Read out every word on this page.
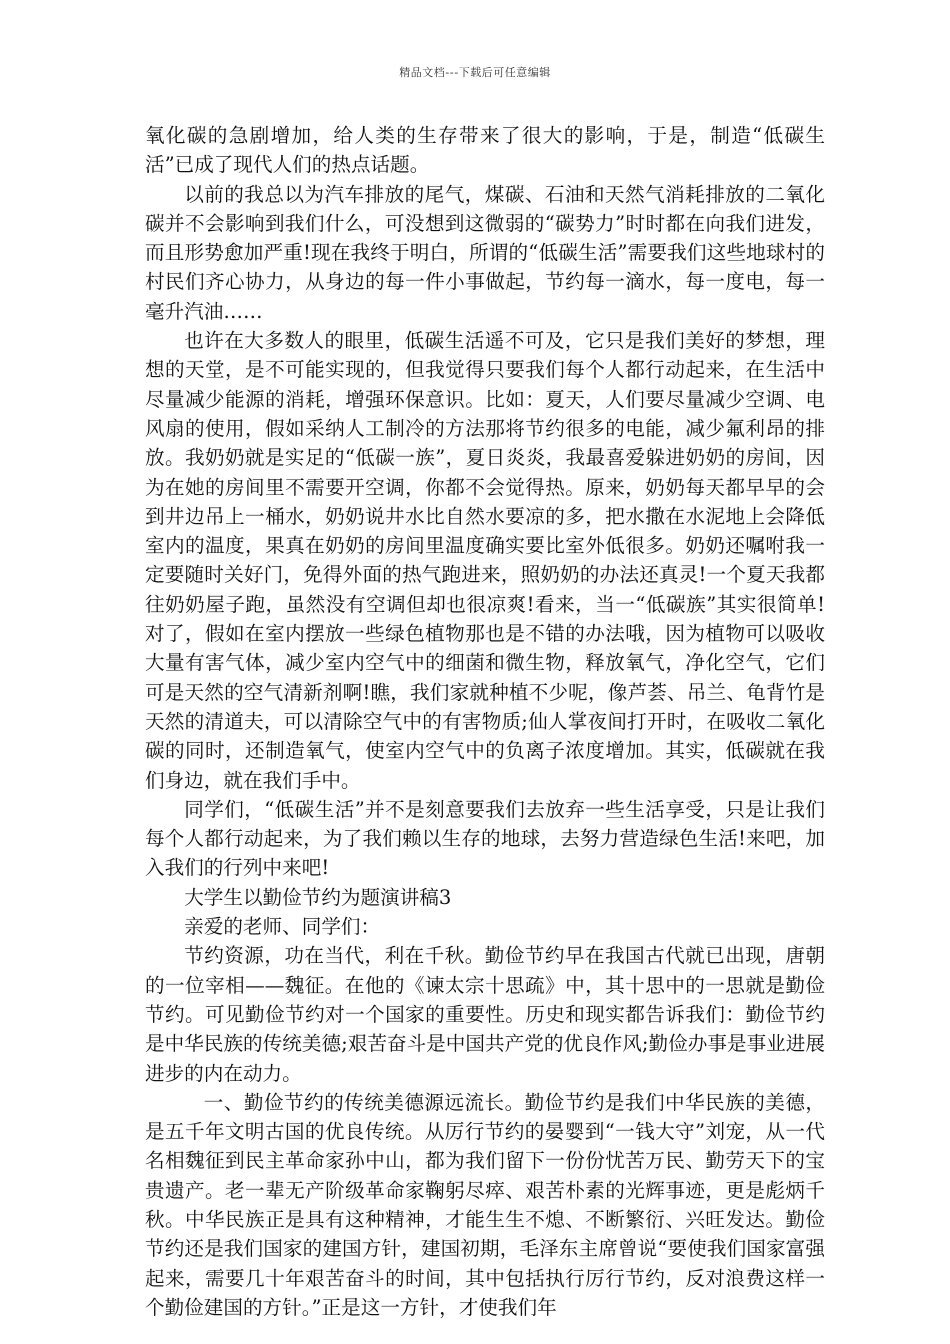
精品文档---下载后可任意编辑

氧化碳的急剧增加，给人类的生存带来了很大的影响，于是，制造“低碳生活”已成了现代人们的热点话题。

以前的我总以为汽车排放的尾气，煤碳、石油和天然气消耗排放的二氧化碳并不会影响到我们什么，可没想到这微弱的“碳势力”时时都在向我们进发，而且形势愈加严重!现在我终于明白，所谓的“低碳生活”需要我们这些地球村的村民们齐心协力，从身边的每一件小事做起，节约每一滴水，每一度电，每一毫升汽油……

也许在大多数人的眼里，低碳生活遥不可及，它只是我们美好的梦想，理想的天堂，是不可能实现的，但我觉得只要我们每个人都行动起来，在生活中尽量减少能源的消耗，增强环保意识。比如：夏天，人们要尽量减少空调、电风扇的使用，假如采纳人工制冷的方法那将节约很多的电能，减少氟利昂的排放。我奶奶就是实足的“低碳一族”，夏日炎炎，我最喜爱躲进奶奶的房间，因为在她的房间里不需要开空调，你都不会觉得热。原来，奶奶每天都早早的会到井边吊上一桶水，奶奶说井水比自然水要凉的多，把水撒在水泥地上会降低室内的温度，果真在奶奶的房间里温度确实要比室外低很多。奶奶还嘱咐我一定要随时关好门，免得外面的热气跑进来，照奶奶的办法还真灵!一个夏天我都往奶奶屋子跑，虽然没有空调但却也很凉爽!看来，当一“低碳族”其实很简单!对了，假如在室内摆放一些绿色植物那也是不错的办法哦，因为植物可以吸收大量有害气体，减少室内空气中的细菌和微生物，释放氧气，净化空气，它们可是天然的空气清新剂啊!瞧，我们家就种植不少呢，像芦荟、吊兰、龟背竹是天然的清道夫，可以清除空气中的有害物质;仙人掌夜间打开时，在吸收二氧化碳的同时，还制造氧气，使室内空气中的负离子浓度增加。其实，低碳就在我们身边，就在我们手中。

同学们，“低碳生活”并不是刻意要我们去放弃一些生活享受，只是让我们每个人都行动起来，为了我们赖以生存的地球，去努力营造绿色生活!来吧，加入我们的行列中来吧!

大学生以勤俭节约为题演讲稿3

亲爱的老师、同学们：

节约资源，功在当代，利在千秋。勤俭节约早在我国古代就已出现，唐朝的一位宰相——魏征。在他的《谏太宗十思疏》中，其十思中的一思就是勤俭节约。可见勤俭节约对一个国家的重要性。历史和现实都告诉我们：勤俭节约是中华民族的传统美德;艰苦奋斗是中国共产党的优良作风;勤俭办事是事业进展进步的内在动力。

一、勤俭节约的传统美德源远流长。勤俭节约是我们中华民族的美德，是五千年文明古国的优良传统。从厉行节约的晏婴到“一钱大守”刘宠，从一代名相魏征到民主革命家孙中山，都为我们留下一份份忧苦万民、勤劳天下的宝贵遗产。老一辈无产阶级革命家鞠躬尽瘁、艰苦朴素的光辉事迹，更是彪炳千秋。中华民族正是具有这种精神，才能生生不熄、不断繁衍、兴旺发达。勤俭节约还是我们国家的建国方针，建国初期，毛泽东主席曾说“要使我们国家富强起来，需要几十年艰苦奋斗的时间，其中包括执行厉行节约，反对浪费这样一个勤俭建国的方针。”正是这一方针，才使我们年
